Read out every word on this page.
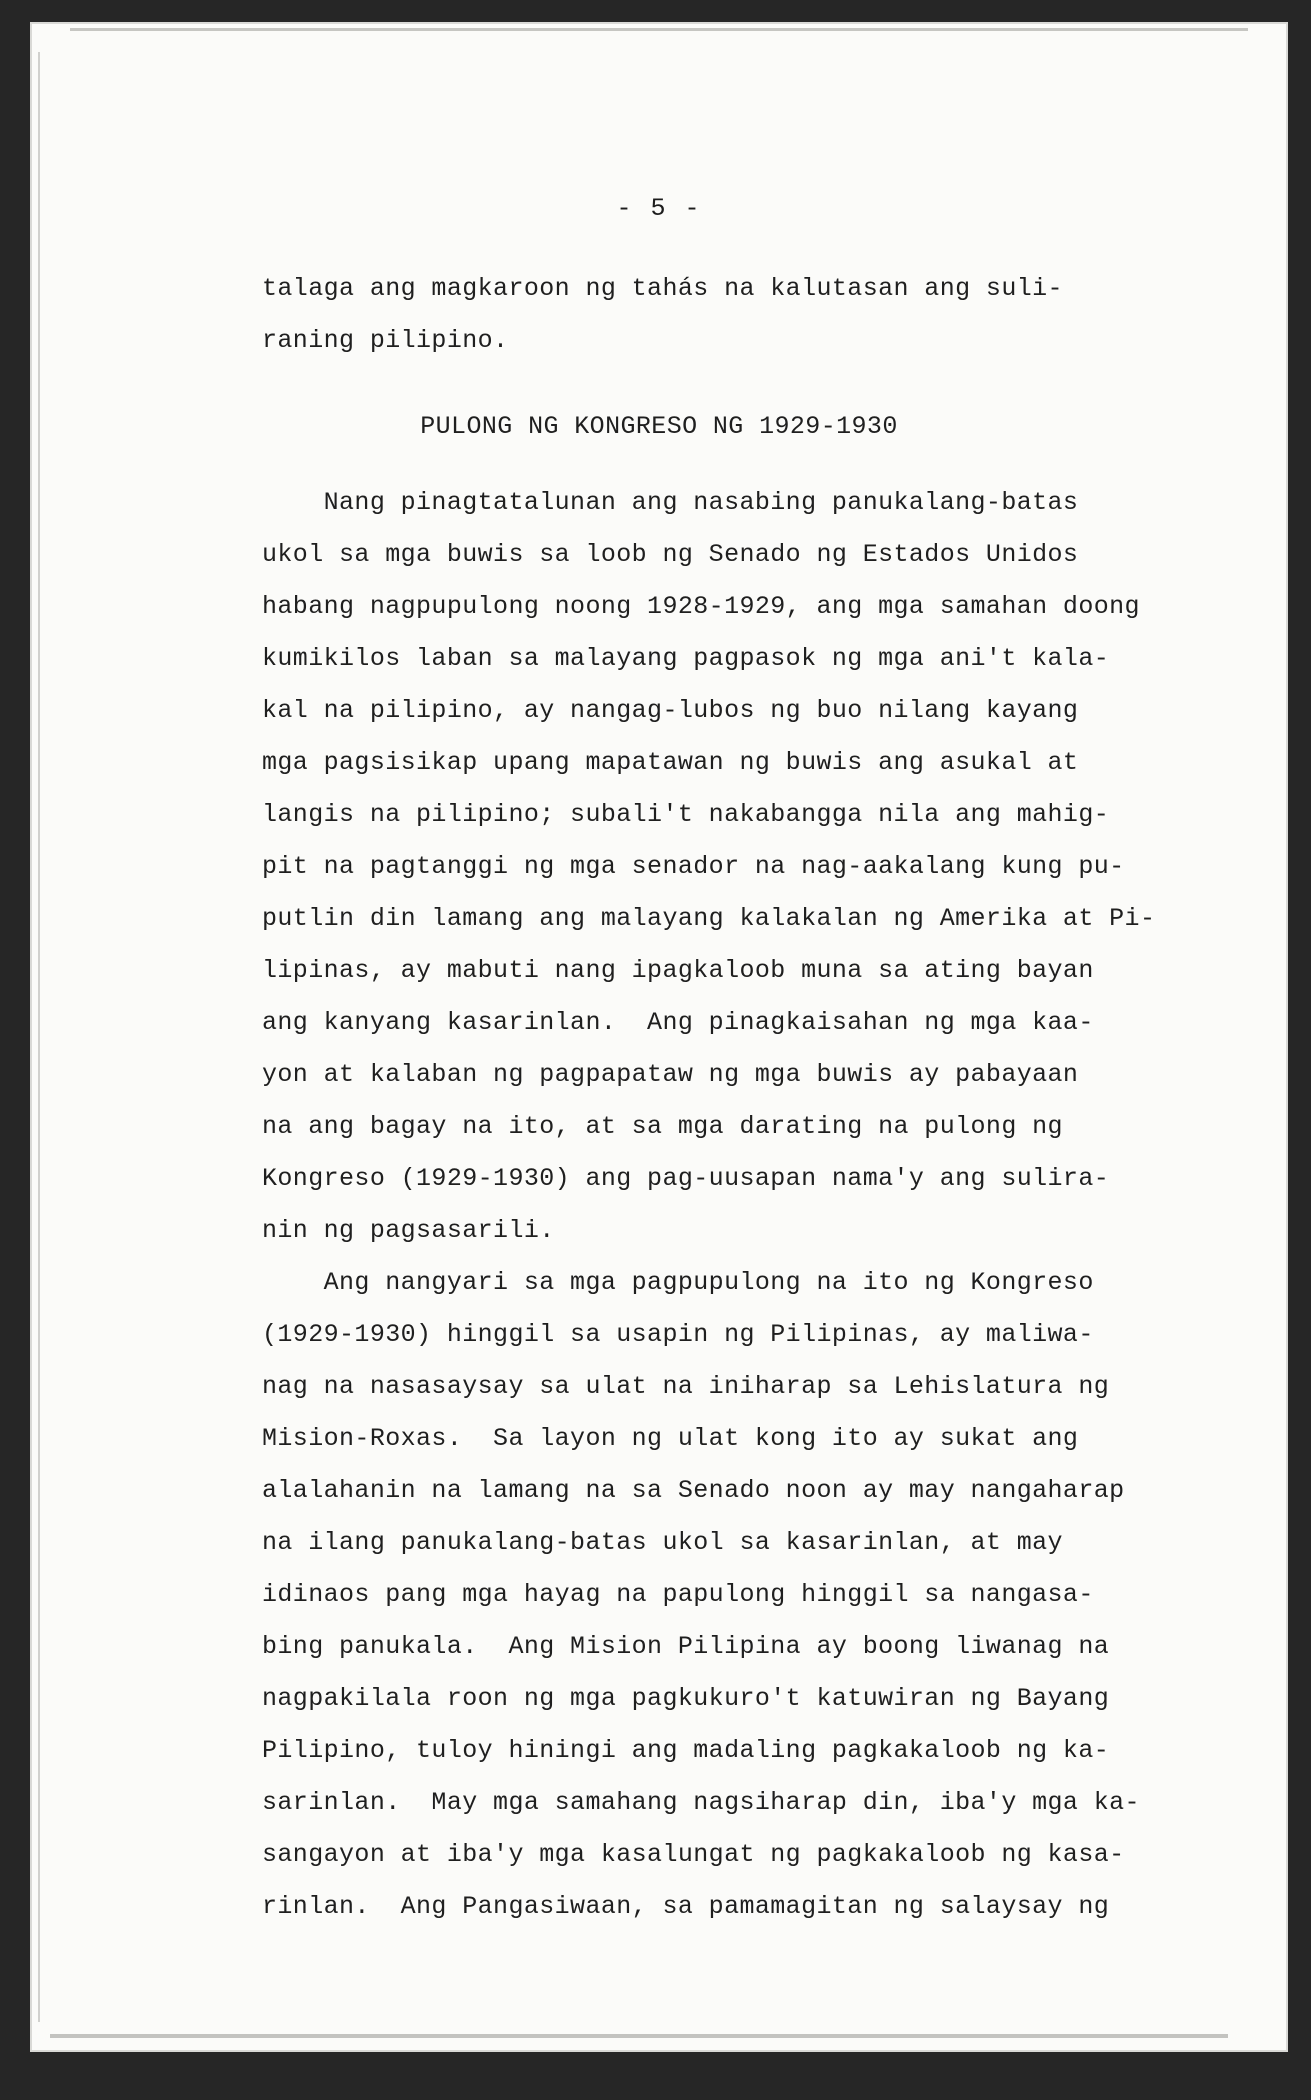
- 5 -

talaga ang magkaroon ng tahás na kalutasan ang suli-

raning pilipino.

PULONG NG KONGRESO NG 1929-1930

Nang pinagtatalunan ang nasabing panukalang-batas

ukol sa mga buwis sa loob ng Senado ng Estados Unidos

habang nagpupulong noong 1928-1929, ang mga samahan doong

kumikilos laban sa malayang pagpasok ng mga ani't kala-

kal na pilipino, ay nangag-lubos ng buo nilang kayang

mga pagsisikap upang mapatawan ng buwis ang asukal at

langis na pilipino; subali't nakabangga nila ang mahig-

pit na pagtanggi ng mga senador na nag-aakalang kung pu-

putlin din lamang ang malayang kalakalan ng Amerika at Pi-

lipinas, ay mabuti nang ipagkaloob muna sa ating bayan

ang kanyang kasarinlan.  Ang pinagkaisahan ng mga kaa-

yon at kalaban ng pagpapataw ng mga buwis ay pabayaan

na ang bagay na ito, at sa mga darating na pulong ng

Kongreso (1929-1930) ang pag-uusapan nama'y ang sulira-

nin ng pagsasarili.

Ang nangyari sa mga pagpupulong na ito ng Kongreso

(1929-1930) hinggil sa usapin ng Pilipinas, ay maliwa-

nag na nasasaysay sa ulat na iniharap sa Lehislatura ng

Mision-Roxas.  Sa layon ng ulat kong ito ay sukat ang

alalahanin na lamang na sa Senado noon ay may nangaharap

na ilang panukalang-batas ukol sa kasarinlan, at may

idinaos pang mga hayag na papulong hinggil sa nangasa-

bing panukala.  Ang Mision Pilipina ay boong liwanag na

nagpakilala roon ng mga pagkukuro't katuwiran ng Bayang

Pilipino, tuloy hiningi ang madaling pagkakaloob ng ka-

sarinlan.  May mga samahang nagsiharap din, iba'y mga ka-

sangayon at iba'y mga kasalungat ng pagkakaloob ng kasa-

rinlan.  Ang Pangasiwaan, sa pamamagitan ng salaysay ng
